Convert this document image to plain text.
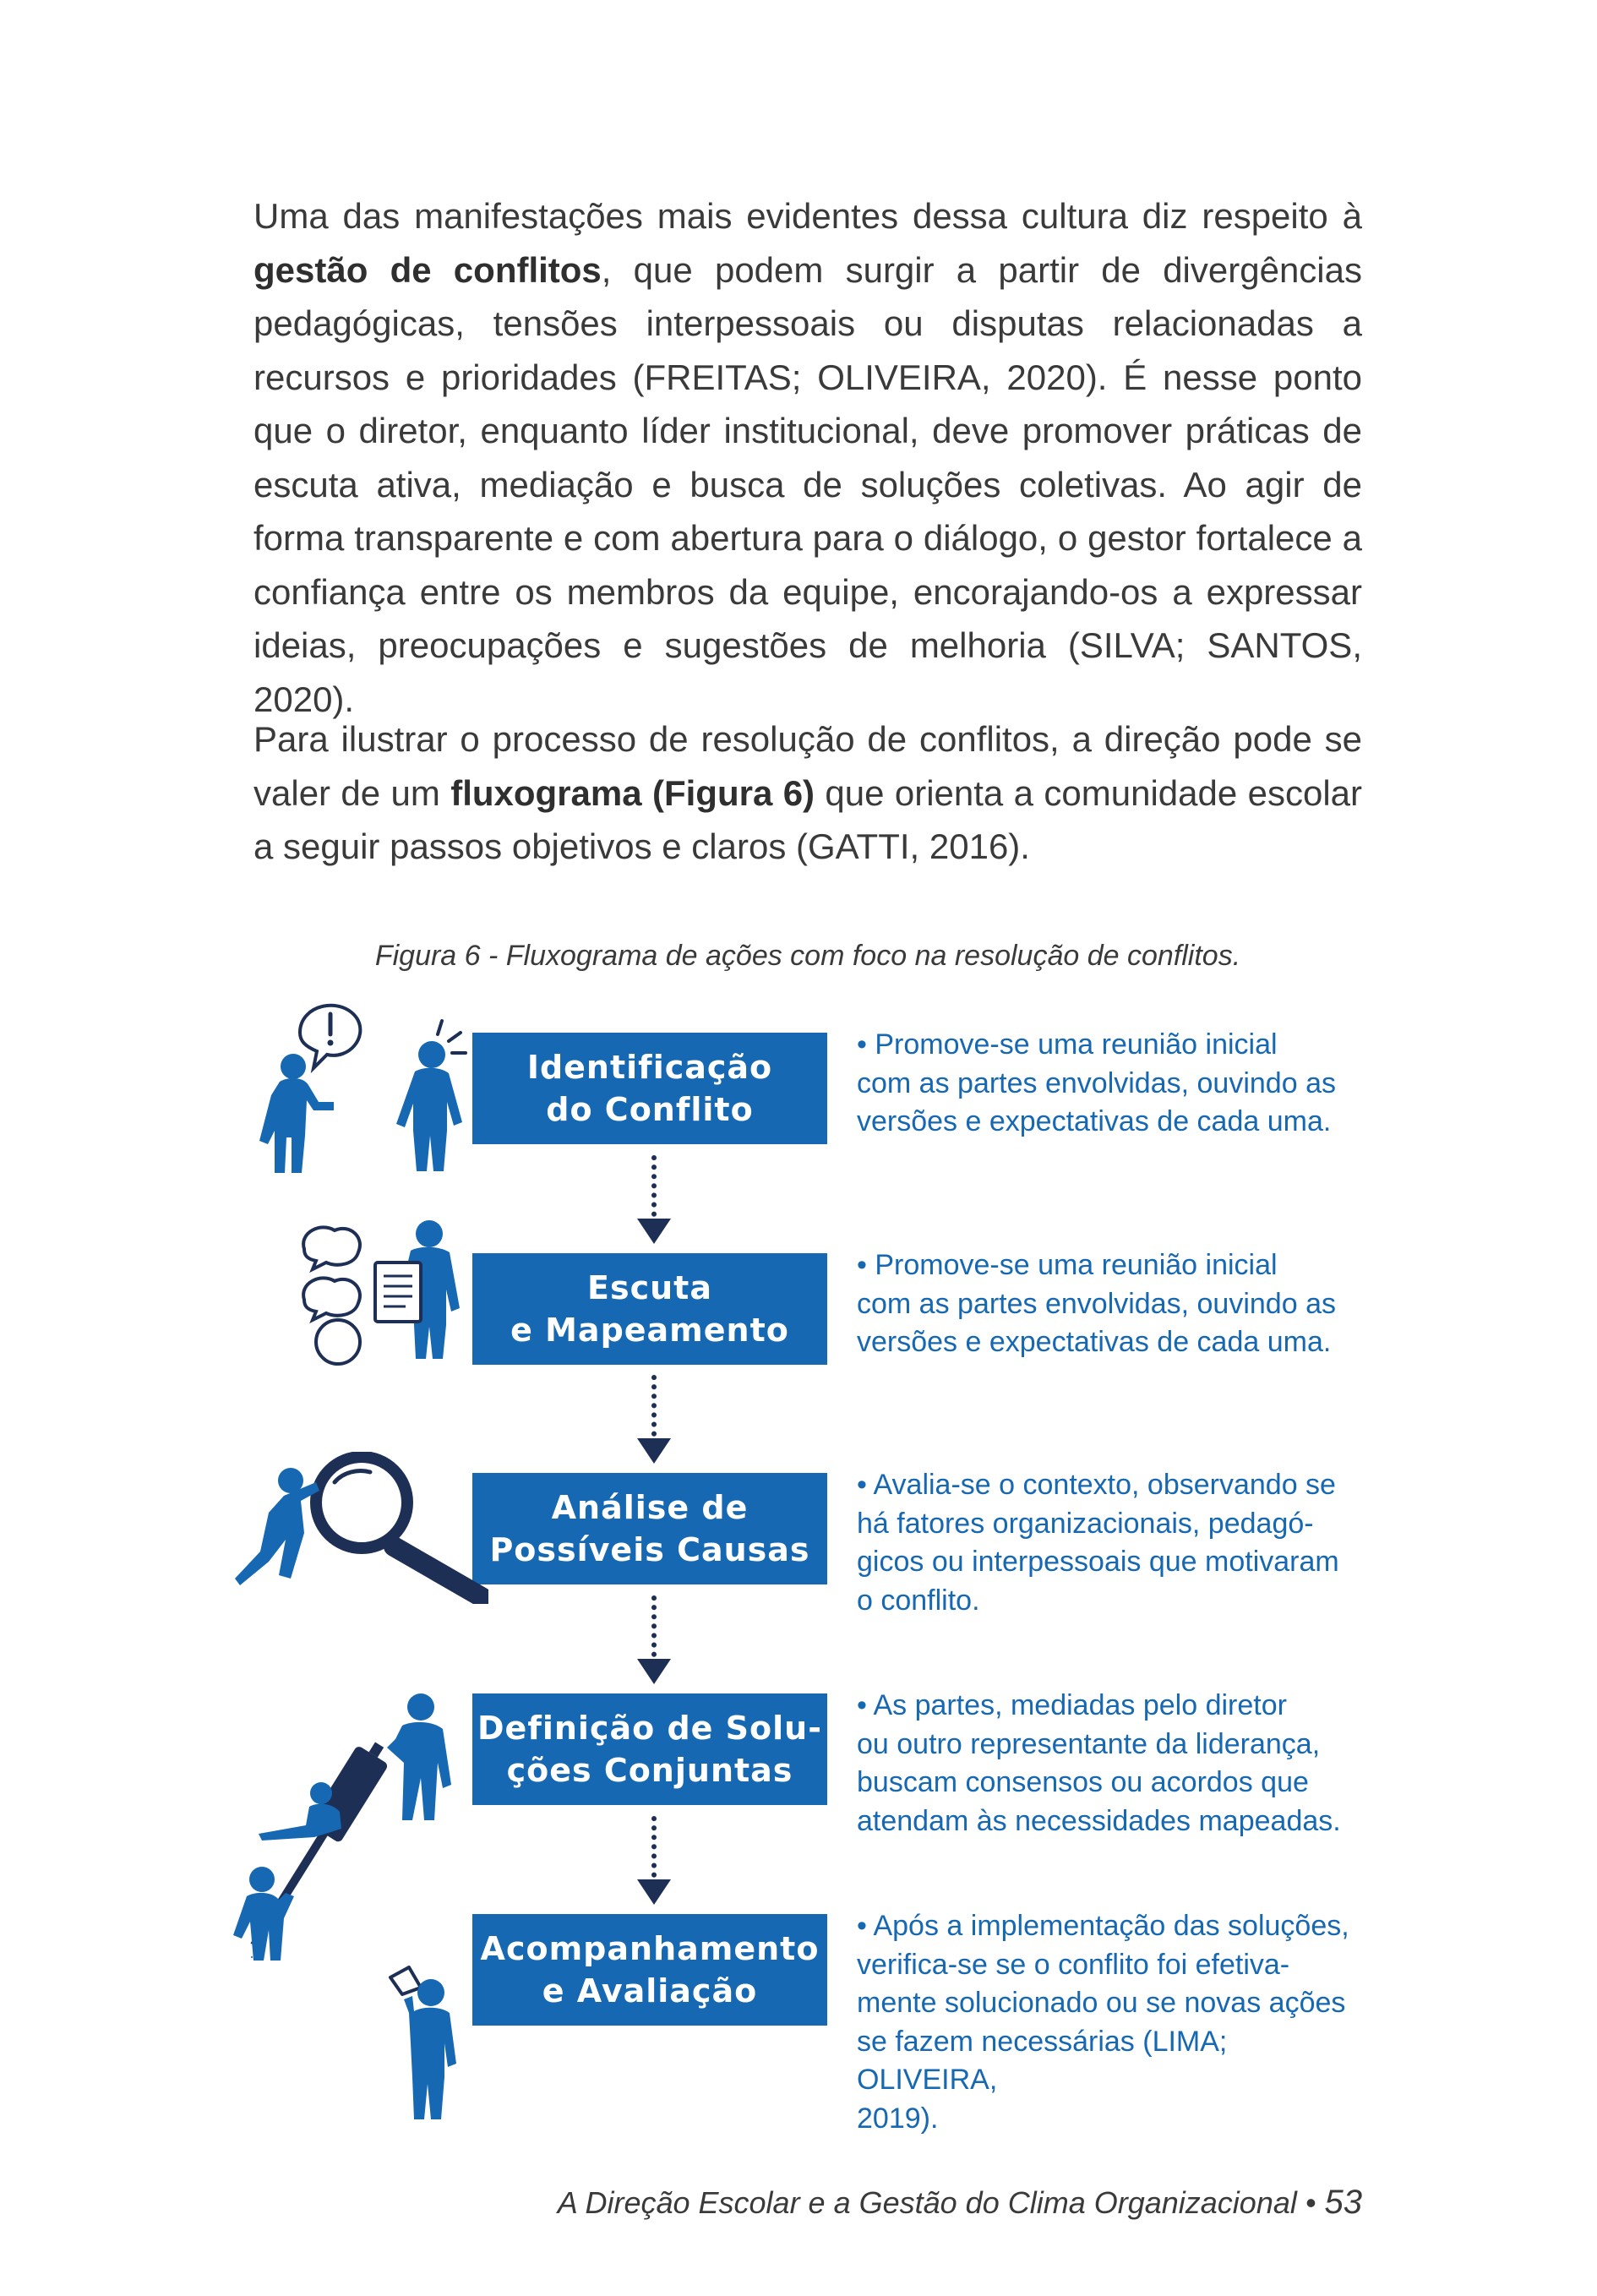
Uma das manifestações mais evidentes dessa cultura diz respeito à gestão de conflitos, que podem surgir a partir de divergências pedagógicas, tensões interpessoais ou disputas relacionadas a recursos e prioridades (FREITAS; OLIVEIRA, 2020). É nesse ponto que o diretor, enquanto líder institucional, deve promover práticas de escuta ativa, mediação e busca de soluções coletivas. Ao agir de forma transparente e com abertura para o diálogo, o gestor fortalece a confiança entre os membros da equipe, encorajando-os a expressar ideias, preocupações e sugestões de melhoria (SILVA; SANTOS, 2020).

Para ilustrar o processo de resolução de conflitos, a direção pode se valer de um fluxograma (Figura 6) que orienta a comunidade escolar a seguir passos objetivos e claros (GATTI, 2016).

Figura 6 - Fluxograma de ações com foco na resolução de conflitos.
Identificação
do Conflito
• Promove-se uma reunião inicial
com as partes envolvidas, ouvindo as
versões e expectativas de cada uma.
Escuta
e Mapeamento
• Promove-se uma reunião inicial
com as partes envolvidas, ouvindo as
versões e expectativas de cada uma.
Análise de
Possíveis Causas
• Avalia-se o contexto, observando se
há fatores organizacionais, pedagó-
gicos ou interpessoais que motivaram
o conflito.
Definição de Solu-
ções Conjuntas
• As partes, mediadas pelo diretor
ou outro representante da liderança,
buscam consensos ou acordos que
atendam às necessidades mapeadas.
Acompanhamento
e Avaliação
• Após a implementação das soluções,
verifica-se se o conflito foi efetiva-
mente solucionado ou se novas ações
se fazem necessárias (LIMA; OLIVEIRA,
2019).
A Direção Escolar e a Gestão do Clima Organizacional • 53
